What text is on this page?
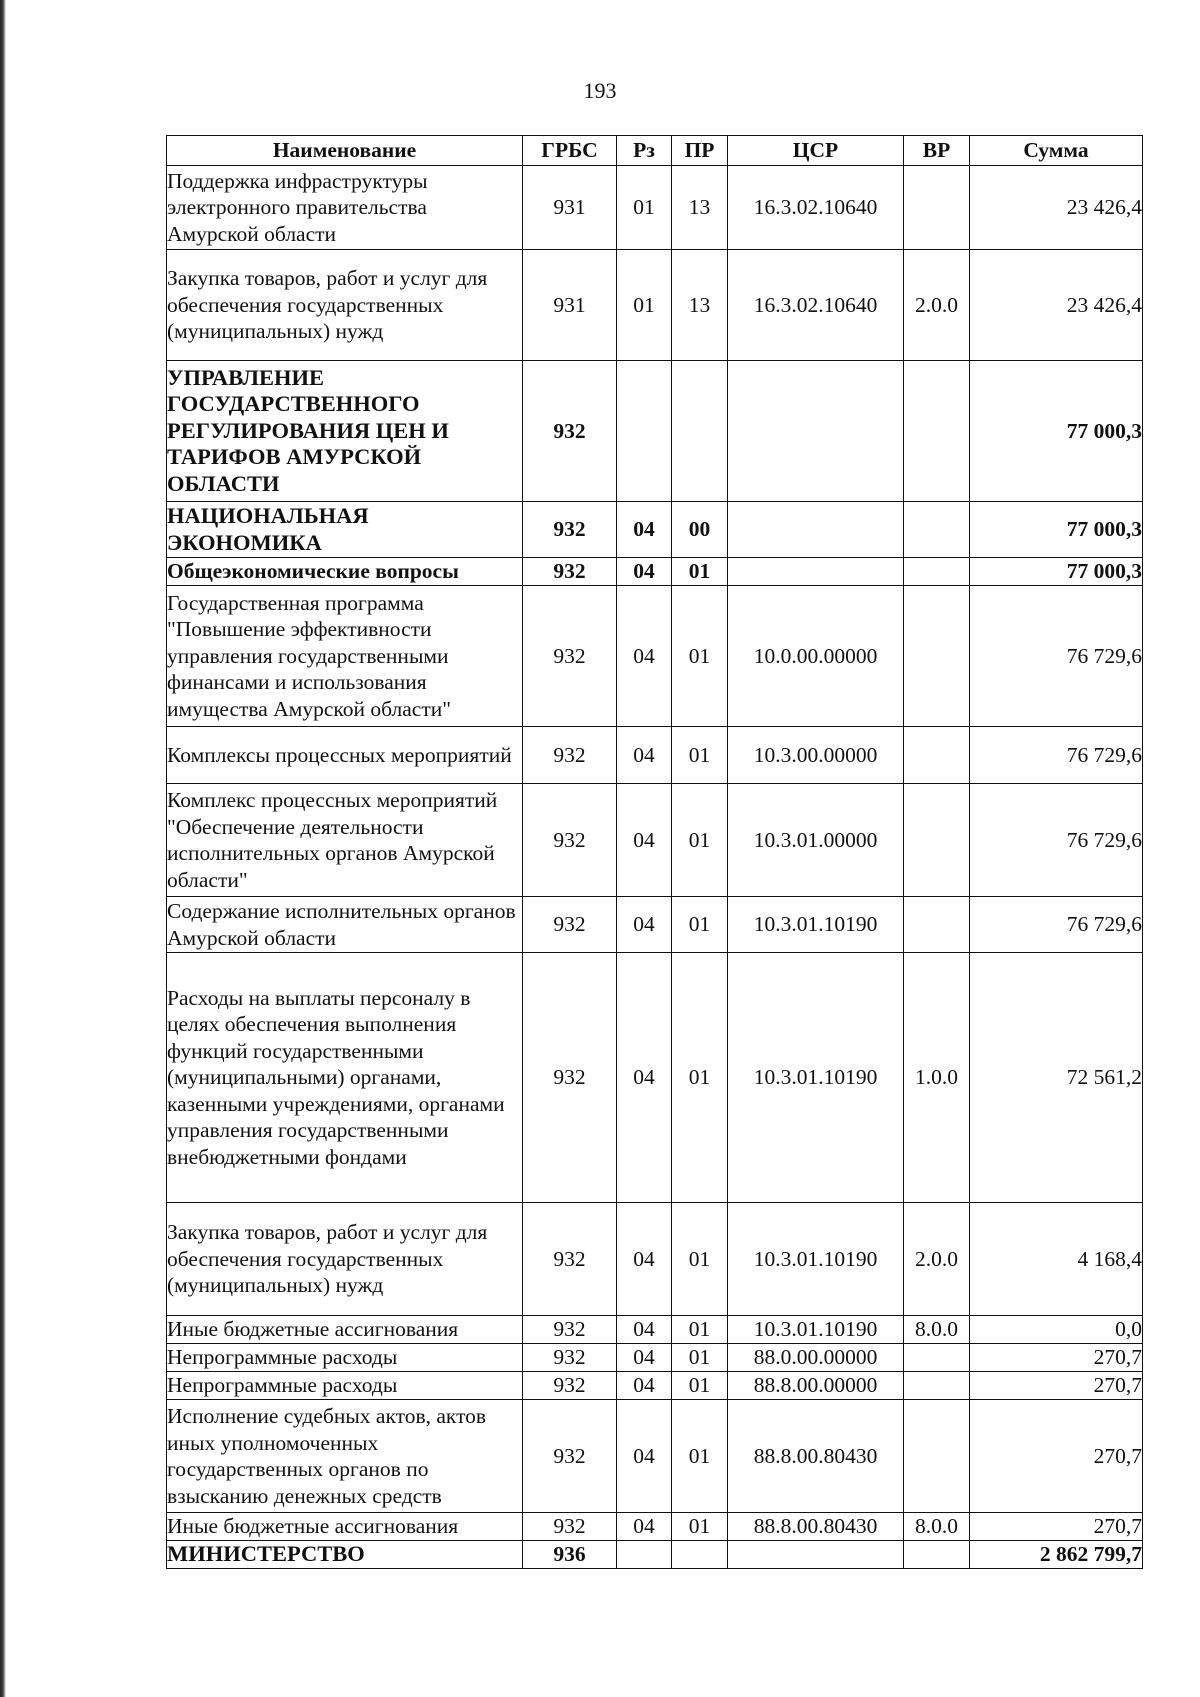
193
Наименование	ГРБС	Рз	ПР	ЦСР	ВР	Сумма
Поддержка инфраструктуры электронного правительства Амурской области	931	01	13	16.3.02.10640		23 426,4
Закупка товаров, работ и услуг для обеспечения государственных (муниципальных) нужд	931	01	13	16.3.02.10640	2.0.0	23 426,4
УПРАВЛЕНИЕ ГОСУДАРСТВЕННОГО РЕГУЛИРОВАНИЯ ЦЕН И ТАРИФОВ АМУРСКОЙ ОБЛАСТИ	932					77 000,3
НАЦИОНАЛЬНАЯ ЭКОНОМИКА	932	04	00			77 000,3
Общеэкономические вопросы	932	04	01			77 000,3
Государственная программа "Повышение эффективности управления государственными финансами и использования имущества Амурской области"	932	04	01	10.0.00.00000		76 729,6
Комплексы процессных мероприятий	932	04	01	10.3.00.00000		76 729,6
Комплекс процессных мероприятий "Обеспечение деятельности исполнительных органов Амурской области"	932	04	01	10.3.01.00000		76 729,6
Содержание исполнительных органов Амурской области	932	04	01	10.3.01.10190		76 729,6
Расходы на выплаты персоналу в целях обеспечения выполнения функций государственными (муниципальными) органами, казенными учреждениями, органами управления государственными внебюджетными фондами	932	04	01	10.3.01.10190	1.0.0	72 561,2
Закупка товаров, работ и услуг для обеспечения государственных (муниципальных) нужд	932	04	01	10.3.01.10190	2.0.0	4 168,4
Иные бюджетные ассигнования	932	04	01	10.3.01.10190	8.0.0	0,0
Непрограммные расходы	932	04	01	88.0.00.00000		270,7
Непрограммные расходы	932	04	01	88.8.00.00000		270,7
Исполнение судебных актов, актов иных уполномоченных государственных органов по взысканию денежных средств	932	04	01	88.8.00.80430		270,7
Иные бюджетные ассигнования	932	04	01	88.8.00.80430	8.0.0	270,7
МИНИСТЕРСТВО	936					2 862 799,7
